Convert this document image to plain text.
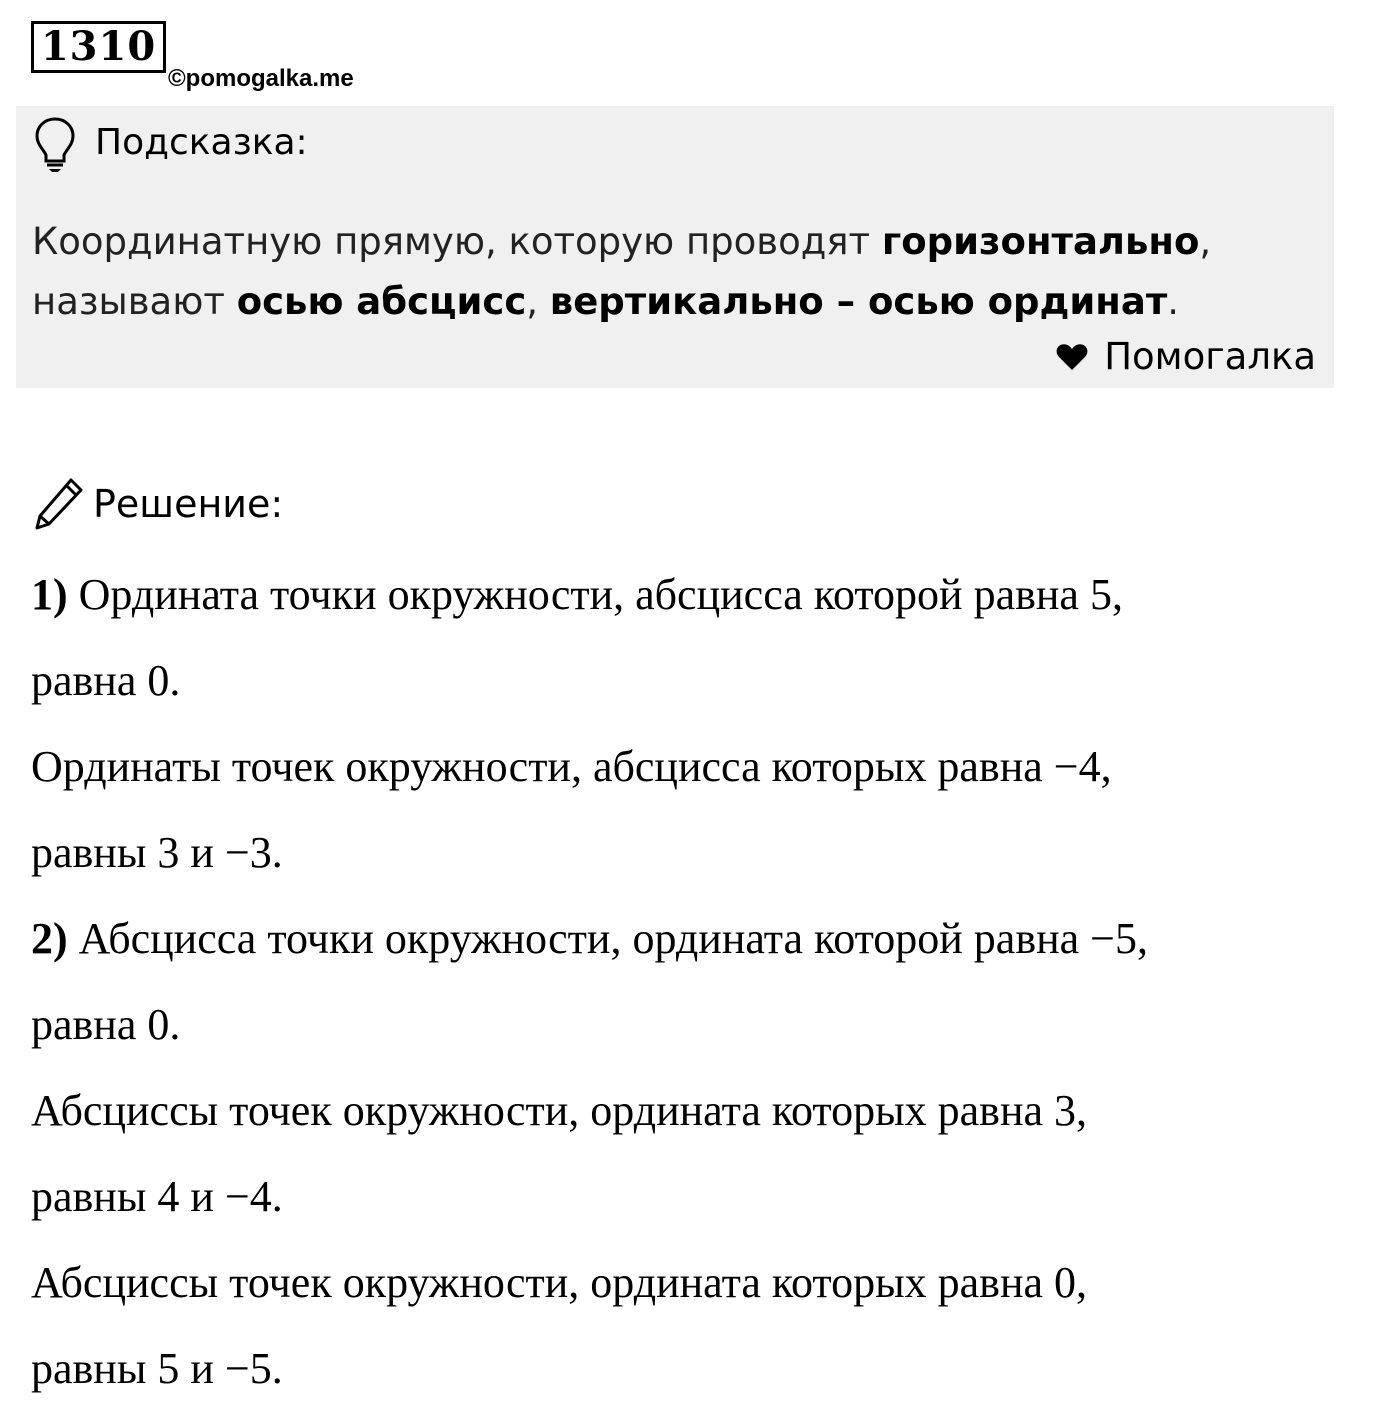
1310
©pomogalka.me
Подсказка:
Координатную прямую, которую проводят горизонтально, называют осью абсцисс, вертикально – осью ординат.
Помогалка
Решение:
1) Ордината точки окружности, абсцисса которой равна 5,
равна 0.
Ординаты точек окружности, абсцисса которых равна −4,
равны 3 и −3.
2) Абсцисса точки окружности, ордината которой равна −5,
равна 0.
Абсциссы точек окружности, ордината которых равна 3,
равны 4 и −4.
Абсциссы точек окружности, ордината которых равна 0,
равны 5 и −5.
